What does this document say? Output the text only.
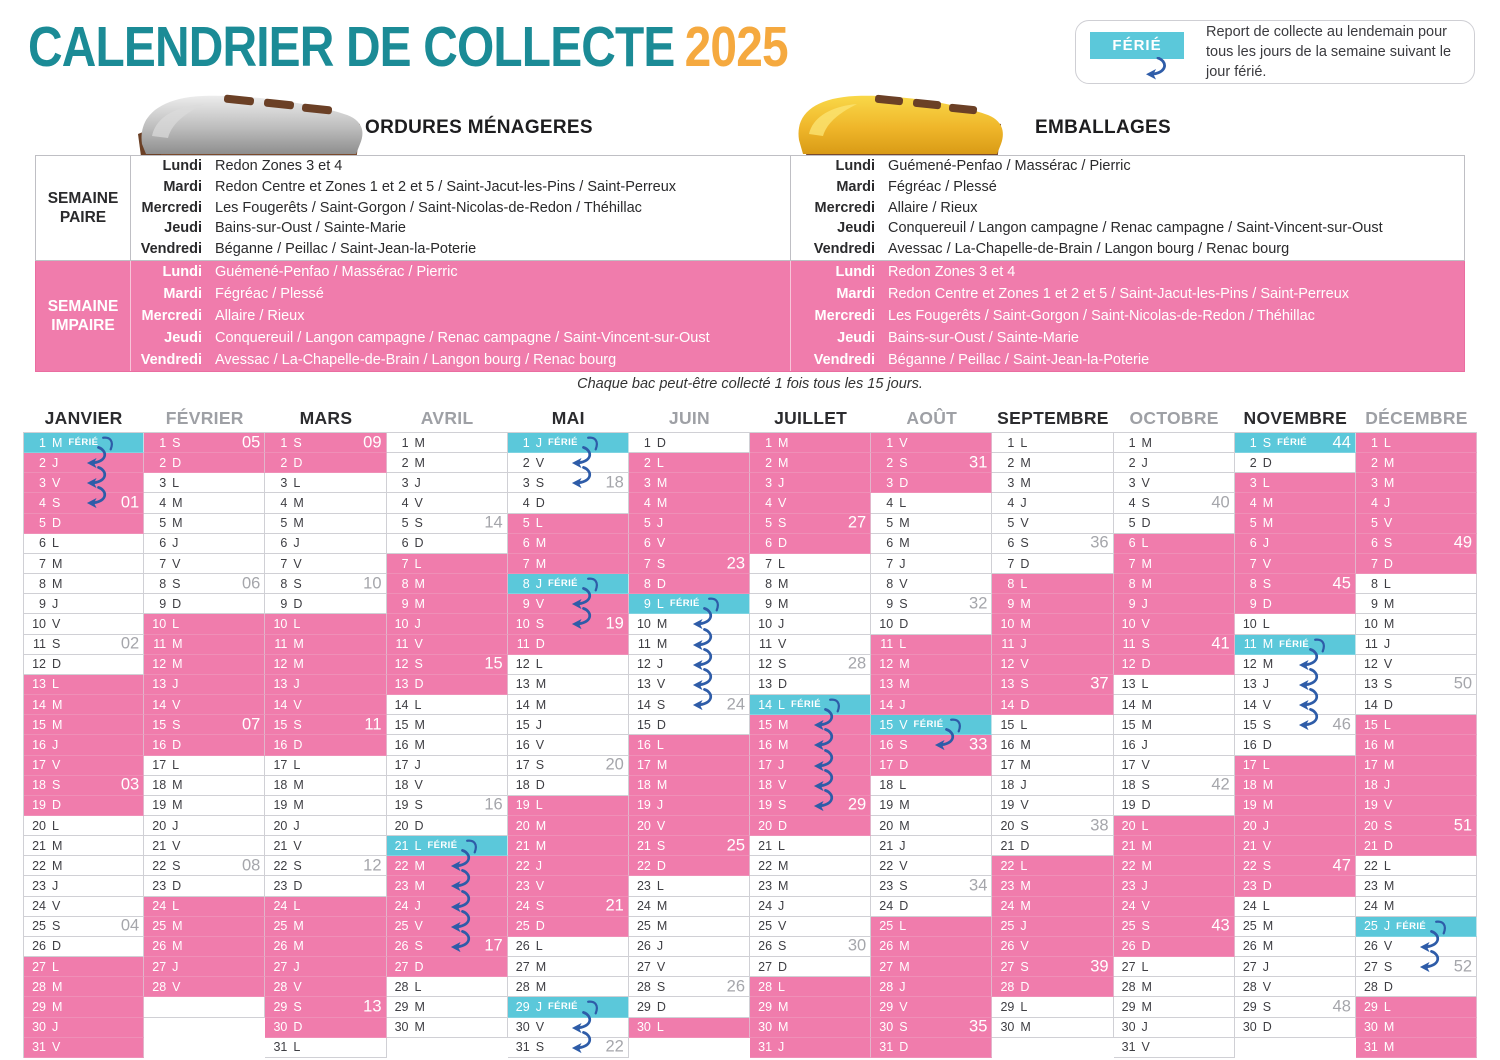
CALENDRIER DE COLLECTE 2025	FÉRIÉ
Report de collecte au lendemain pour tous les jours de la semaine suivant le jour férié.
ORDURES MÉNAGERES	EMBALLAGES
SEMAINE
PAIRE
Lundi Redon Zones 3 et 4	Lundi Guémené-Penfao / Massérac / Pierric
Mardi Redon Centre et Zones 1 et 2 et 5 / Saint-Jacut-les-Pins / Saint-Perreux	Mardi Fégréac / Plessé
Mercredi Les Fougerêts / Saint-Gorgon / Saint-Nicolas-de-Redon / Théhillac	Mercredi Allaire / Rieux
Jeudi Bains-sur-Oust / Sainte-Marie	Jeudi Conquereuil / Langon campagne / Renac campagne / Saint-Vincent-sur-Oust
Vendredi Béganne / Peillac / Saint-Jean-la-Poterie	Vendredi Avessac / La-Chapelle-de-Brain / Langon bourg / Renac bourg
SEMAINE
IMPAIRE
Lundi Guémené-Penfao / Massérac / Pierric	Lundi Redon Zones 3 et 4
Mardi Fégréac / Plessé	Mardi Redon Centre et Zones 1 et 2 et 5 / Saint-Jacut-les-Pins / Saint-Perreux
Mercredi Allaire / Rieux	Mercredi Les Fougerêts / Saint-Gorgon / Saint-Nicolas-de-Redon / Théhillac
Jeudi Conquereuil / Langon campagne / Renac campagne / Saint-Vincent-sur-Oust	Jeudi Bains-sur-Oust / Sainte-Marie
Vendredi Avessac / La-Chapelle-de-Brain / Langon bourg / Renac bourg	Vendredi Béganne / Peillac / Saint-Jean-la-Poterie
Chaque bac peut-être collecté 1 fois tous les 15 jours.
JANVIER
1 M FÉRIÉ
2 J
3 V
4 S	01
5 D
6 L
7 M
8 M
9 J
10 V
11 S	02
12 D
13 L
14 M
15 M
16 J
17 V
18 S	03
19 D
20 L
21 M
22 M
23 J
24 V
25 S	04
26 D
27 L
28 M
29 M
30 J
31 V
FÉVRIER
1 S	05
2 D
3 L
4 M
5 M
6 J
7 V
8 S	06
9 D
10 L
11 M
12 M
13 J
14 V
15 S	07
16 D
17 L
18 M
19 M
20 J
21 V
22 S	08
23 D
24 L
25 M
26 M
27 J
28 V
MARS
1 S	09
2 D
3 L
4 M
5 M
6 J
7 V
8 S	10
9 D
10 L
11 M
12 M
13 J
14 V
15 S	11
16 D
17 L
18 M
19 M
20 J
21 V
22 S	12
23 D
24 L
25 M
26 M
27 J
28 V
29 S	13
30 D
31 L
AVRIL
1 M
2 M
3 J
4 V
5 S	14
6 D
7 L
8 M
9 M
10 J
11 V
12 S	15
13 D
14 L
15 M
16 M
17 J
18 V
19 S	16
20 D
21 L FÉRIÉ
22 M
23 M
24 J
25 V
26 S	17
27 D
28 L
29 M
30 M
MAI
1 J FÉRIÉ
2 V
3 S	18
4 D
5 L
6 M
7 M
8 J FÉRIÉ
9 V
10 S	19
11 D
12 L
13 M
14 M
15 J
16 V
17 S	20
18 D
19 L
20 M
21 M
22 J
23 V
24 S	21
25 D
26 L
27 M
28 M
29 J FÉRIÉ
30 V
31 S	22
JUIN
1 D
2 L
3 M
4 M
5 J
6 V
7 S	23
8 D
9 L FÉRIÉ
10 M
11 M
12 J
13 V
14 S	24
15 D
16 L
17 M
18 M
19 J
20 V
21 S	25
22 D
23 L
24 M
25 M
26 J
27 V
28 S	26
29 D
30 L
JUILLET
1 M
2 M
3 J
4 V
5 S	27
6 D
7 L
8 M
9 M
10 J
11 V
12 S	28
13 D
14 L FÉRIÉ
15 M
16 M
17 J
18 V
19 S	29
20 D
21 L
22 M
23 M
24 J
25 V
26 S	30
27 D
28 L
29 M
30 M
31 J
AOÛT
1 V
2 S	31
3 D
4 L
5 M
6 M
7 J
8 V
9 S	32
10 D
11 L
12 M
13 M
14 J
15 V FÉRIÉ
16 S	33
17 D
18 L
19 M
20 M
21 J
22 V
23 S	34
24 D
25 L
26 M
27 M
28 J
29 V
30 S	35
31 D
SEPTEMBRE
1 L
2 M
3 M
4 J
5 V
6 S	36
7 D
8 L
9 M
10 M
11 J
12 V
13 S	37
14 D
15 L
16 M
17 M
18 J
19 V
20 S	38
21 D
22 L
23 M
24 M
25 J
26 V
27 S	39
28 D
29 L
30 M
OCTOBRE
1 M
2 J
3 V
4 S	40
5 D
6 L
7 M
8 M
9 J
10 V
11 S	41
12 D
13 L
14 M
15 M
16 J
17 V
18 S	42
19 D
20 L
21 M
22 M
23 J
24 V
25 S	43
26 D
27 L
28 M
29 M
30 J
31 V
NOVEMBRE
1 S FÉRIÉ 44
2 D
3 L
4 M
5 M
6 J
7 V
8 S	45
9 D
10 L
11 M FÉRIÉ
12 M
13 J
14 V
15 S	46
16 D
17 L
18 M
19 M
20 J
21 V
22 S	47
23 D
24 L
25 M
26 M
27 J
28 V
29 S	48
30 D
DÉCEMBRE
1 L
2 M
3 M
4 J
5 V
6 S	49
7 D
8 L
9 M
10 M
11 J
12 V
13 S	50
14 D
15 L
16 M
17 M
18 J
19 V
20 S	51
21 D
22 L
23 M
24 M
25 J FÉRIÉ
26 V
27 S	52
28 D
29 L
30 M
31 M
